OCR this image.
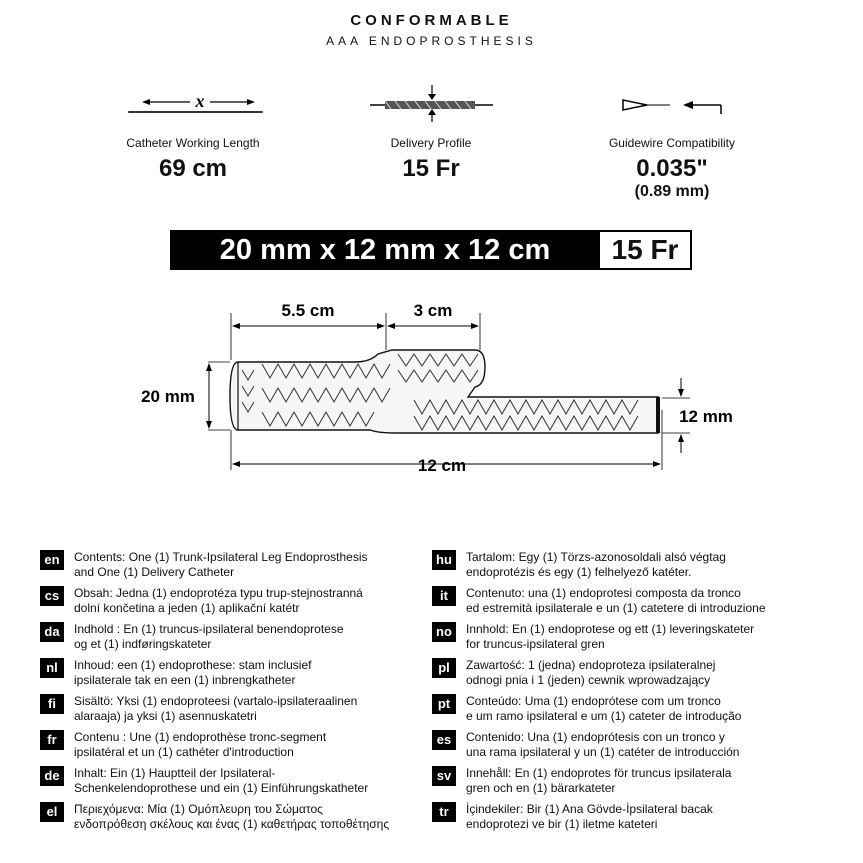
CONFORMABLE
AAA ENDOPROSTHESIS
x
Catheter Working Length
69 cm
Delivery Profile
15 Fr
Guidewire Compatibility
0.035"
(0.89 mm)
20 mm x 12 mm x 12 cm	15 Fr
5.5 cm	3 cm
20 mm
12 mm
12 cm
en	Contents: One (1) Trunk-Ipsilateral Leg Endoprosthesis
and One (1) Delivery Catheter
cs	Obsah: Jedna (1) endoprotéza typu trup-stejnostranná
dolní končetina a jeden (1) aplikační katétr
da	Indhold : En (1) truncus-ipsilateral benendoprotese
og et (1) indføringskateter
nl	Inhoud: een (1) endoprothese: stam inclusief
ipsilaterale tak en een (1) inbrengkatheter
fi	Sisältö: Yksi (1) endoproteesi (vartalo-ipsilateraalinen
alaraaja) ja yksi (1) asennuskatetri
fr	Contenu : Une (1) endoprothèse tronc-segment
ipsilatéral et un (1) cathéter d'introduction
de	Inhalt: Ein (1) Hauptteil der Ipsilateral-
Schenkelendoprothese und ein (1) Einführungskatheter
el	Περιεχόμενα: Μία (1) Ομόπλευρη του Σώματος
ενδοπρόθεση σκέλους και ένας (1) καθετήρας τοποθέτησης
hu	Tartalom: Egy (1) Törzs-azonosoldali alsó végtag
endoprotézis és egy (1) felhelyező katéter.
it	Contenuto: una (1) endoprotesi composta da tronco
ed estremità ipsilaterale e un (1) catetere di introduzione
no	Innhold: En (1) endoprotese og ett (1) leveringskateter
for truncus-ipsilateral gren
pl	Zawartość: 1 (jedna) endoproteza ipsilateralnej
odnogi pnia i 1 (jeden) cewnik wprowadzający
pt	Conteúdo: Uma (1) endoprótese com um tronco
e um ramo ipsilateral e um (1) cateter de introdução
es	Contenido: Una (1) endoprótesis con un tronco y
una rama ipsilateral y un (1) catéter de introducción
sv	Innehåll: En (1) endoprotes för truncus ipsilaterala
gren och en (1) bärarkateter
tr	İçindekiler: Bir (1) Ana Gövde-İpsilateral bacak
endoprotezi ve bir (1) iletme kateteri
